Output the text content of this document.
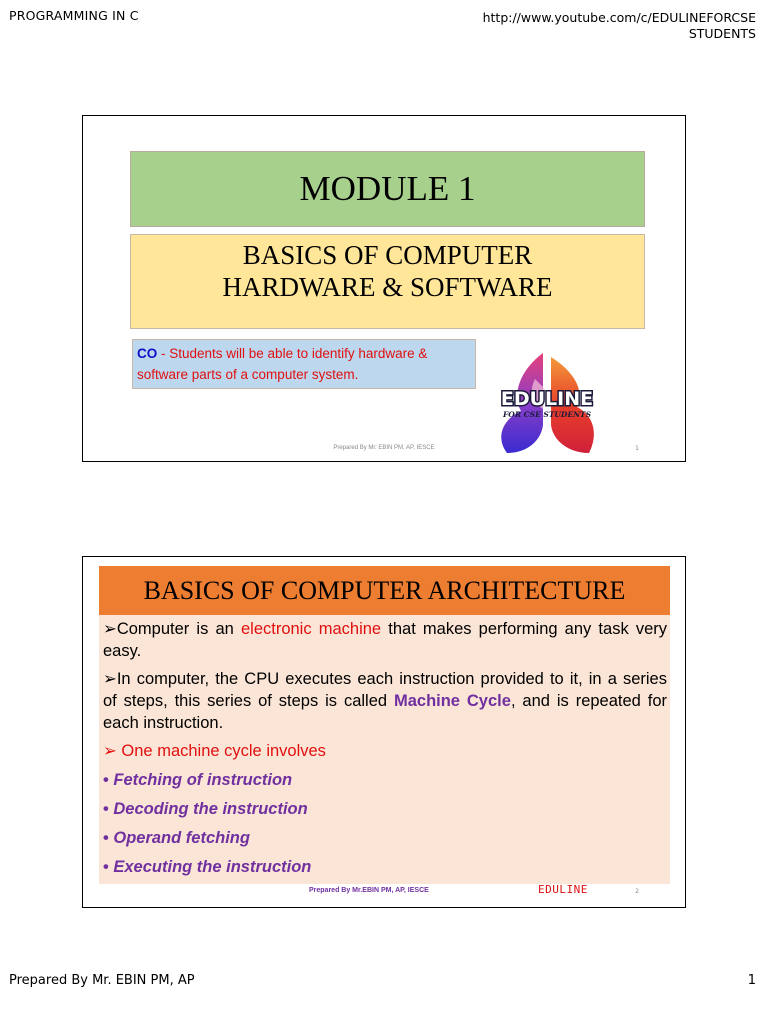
PROGRAMMING IN C	http://www.youtube.com/c/EDULINEFORCSE
STUDENTS
MODULE 1
BASICS OF COMPUTER
HARDWARE & SOFTWARE
CO - Students will be able to identify hardware & software parts of a computer system.
EDULINE
FOR CSE STUDENTS
Prepared By Mr. EBIN PM, AP, IESCE	1
BASICS OF COMPUTER ARCHITECTURE
➢Computer is an electronic machine that makes performing any task very easy.
➢In computer, the CPU executes each instruction provided to it, in a series of steps, this series of steps is called Machine Cycle, and is repeated for each instruction.
➢ One machine cycle involves
• Fetching of instruction
• Decoding the instruction
• Operand fetching
• Executing the instruction
Prepared By Mr.EBIN PM, AP, IESCE	EDULINE	2
Prepared By Mr. EBIN PM, AP	1
